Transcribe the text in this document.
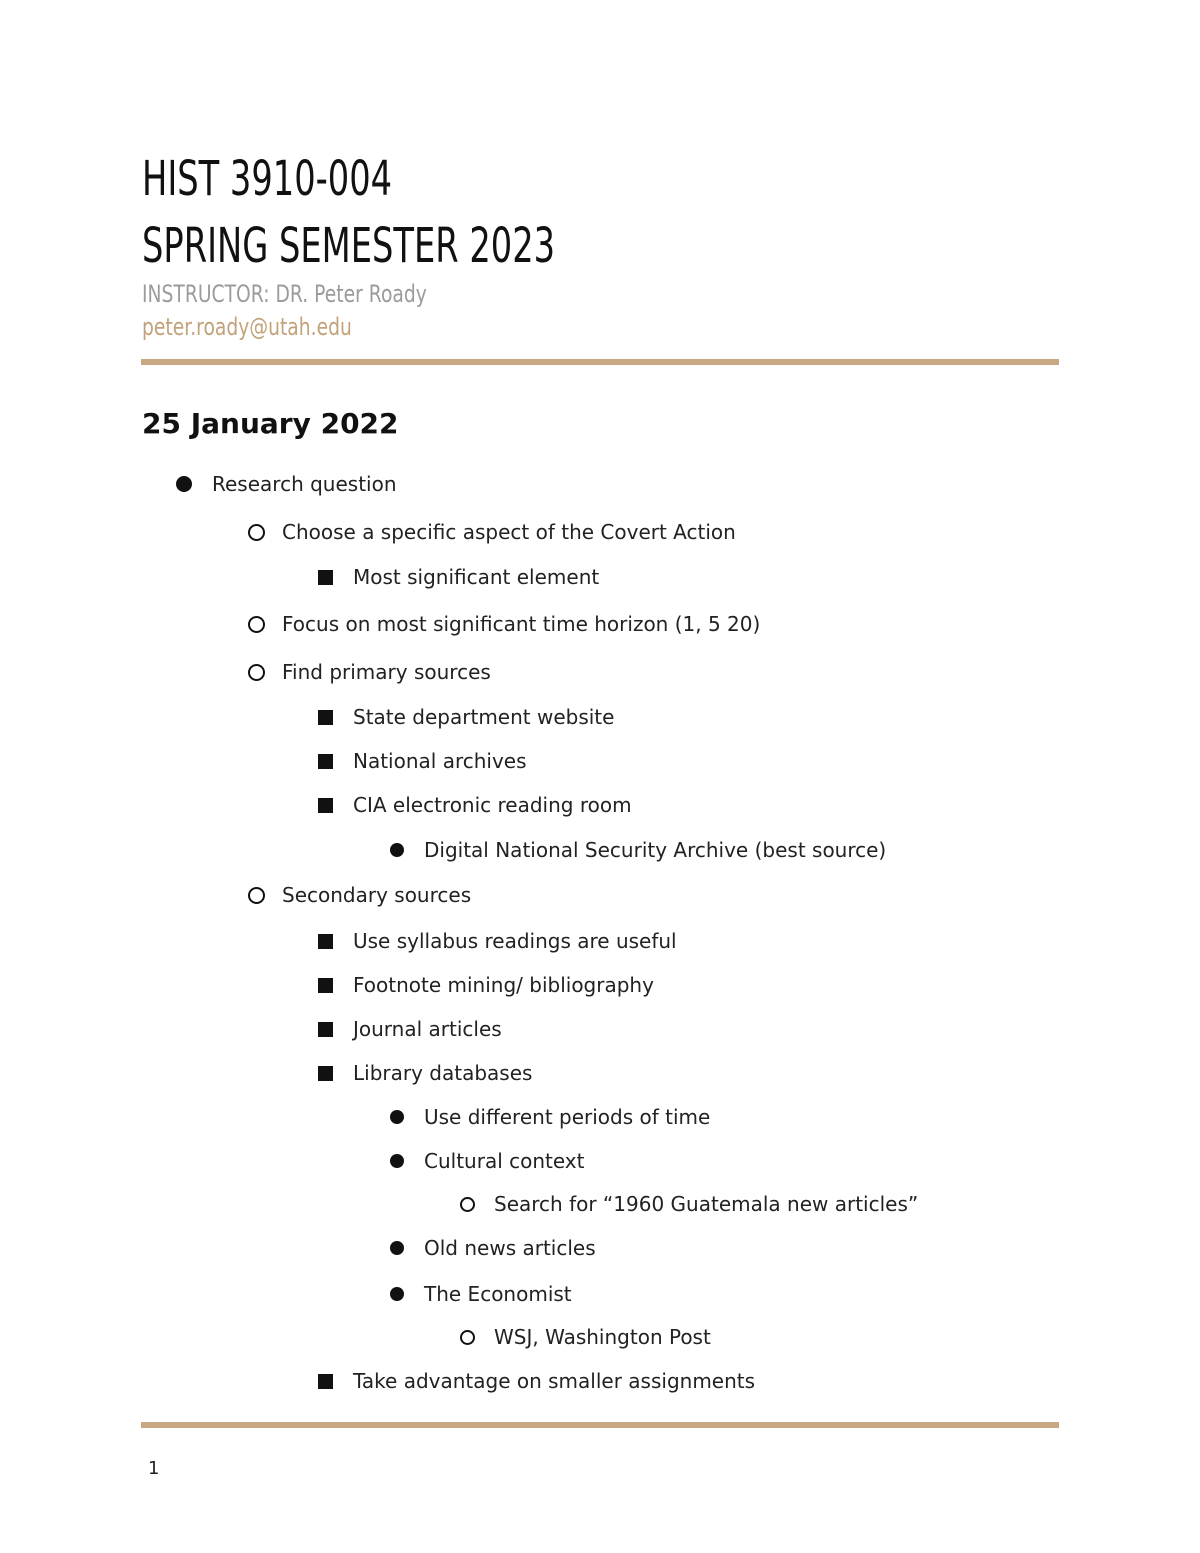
HIST 3910-004
SPRING SEMESTER 2023
INSTRUCTOR: DR. Peter Roady
peter.roady@utah.edu
25 January 2022
Research question
Choose a specific aspect of the Covert Action
Most significant element
Focus on most significant time horizon (1, 5 20)
Find primary sources
State department website
National archives
CIA electronic reading room
Digital National Security Archive (best source)
Secondary sources
Use syllabus readings are useful
Footnote mining/ bibliography
Journal articles
Library databases
Use different periods of time
Cultural context
Search for “1960 Guatemala new articles”
Old news articles
The Economist
WSJ, Washington Post
Take advantage on smaller assignments
1
